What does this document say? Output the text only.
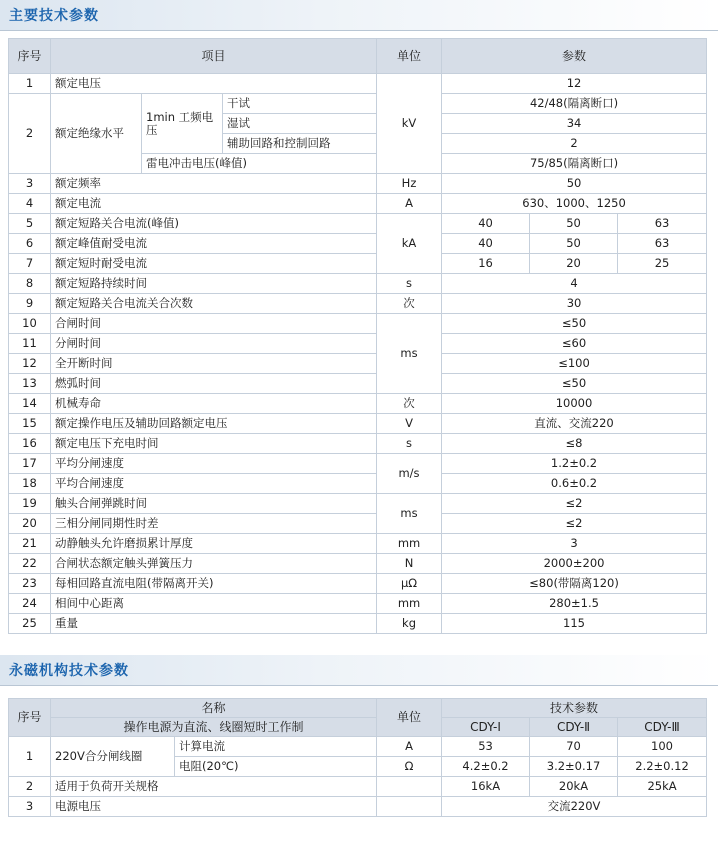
主要技术参数
序号	项目			单位	参数		
1	额定电压			kV	12		
2	额定绝缘水平	1min 工频电压	干试		42/48(隔离断口)		
			湿试		34		
			辅助回路和控制回路		2		
		雷电冲击电压(峰值)			75/85(隔离断口)		
3	额定频率			Hz	50		
4	额定电流			A	630、1000、1250		
5	额定短路关合电流(峰值)			kA	40	50	63
6	额定峰值耐受电流				40	50	63
7	额定短时耐受电流				16	20	25
8	额定短路持续时间			s	4		
9	额定短路关合电流关合次数			次	30		
10	合闸时间			ms	≤50		
11	分闸时间				≤60		
12	全开断时间				≤100		
13	燃弧时间				≤50		
14	机械寿命			次	10000		
15	额定操作电压及辅助回路额定电压			V	直流、交流220		
16	额定电压下充电时间			s	≤8		
17	平均分闸速度			m/s	1.2±0.2		
18	平均合闸速度				0.6±0.2		
19	触头合闸弹跳时间			ms	≤2		
20	三相分闸同期性时差				≤2		
21	动静触头允许磨损累计厚度			mm	3		
22	合闸状态额定触头弹簧压力			N	2000±200		
23	每相回路直流电阻(带隔离开关)			μΩ	≤80(带隔离120)		
24	相间中心距离			mm	280±1.5		
25	重量			kg	115		
永磁机构技术参数
序号	名称		单位	技术参数		
	操作电源为直流、线圈短时工作制			CDY-Ⅰ	CDY-Ⅱ	CDY-Ⅲ
1	220V合分闸线圈	计算电流	A	53	70	100
		电阻(20℃)	Ω	4.2±0.2	3.2±0.17	2.2±0.12
2	适用于负荷开关规格			16kA	20kA	25kA
3	电源电压			交流220V		
